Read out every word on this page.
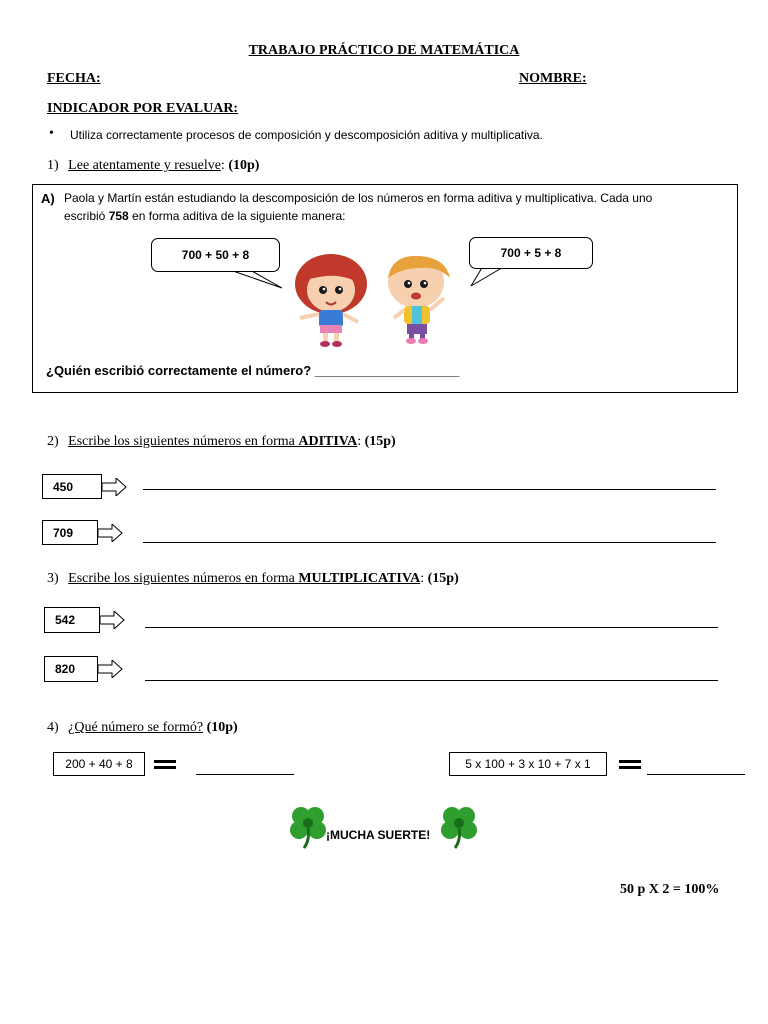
TRABAJO PRÁCTICO DE MATEMÁTICA
FECHA:	NOMBRE:
INDICADOR POR EVALUAR:
• Utiliza correctamente procesos de composición y descomposición aditiva y multiplicativa.
1) Lee atentamente y resuelve: (10p)
A) Paola y Martín están estudiando la descomposición de los números en forma aditiva y multiplicativa. Cada uno
escribió 758 en forma aditiva de la siguiente manera:
700 + 50 + 8	700 + 5 + 8
¿Quién escribió correctamente el número? ____________________
2) Escribe los siguientes números en forma ADITIVA: (15p)
450
709
3) Escribe los siguientes números en forma MULTIPLICATIVA: (15p)
542
820
4) ¿Qué número se formó? (10p)
200 + 40 + 8	5 x 100 + 3 x 10 + 7 x 1
¡MUCHA SUERTE!
50 p X 2 = 100%
